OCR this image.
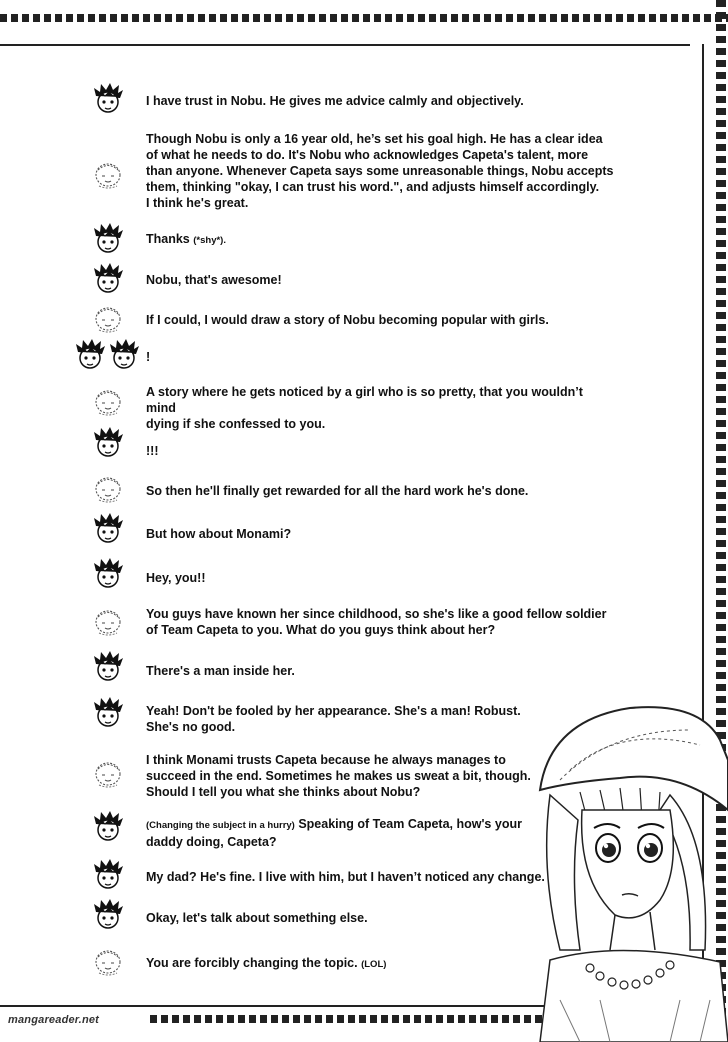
mangareader.net
I have trust in Nobu. He gives me advice calmly and objectively.
Though Nobu is only a 16 year old, he’s set his goal high. He has a clear idea
of what he needs to do. It's Nobu who acknowledges Capeta's talent, more
than anyone. Whenever Capeta says some unreasonable things, Nobu accepts
them, thinking "okay, I can trust his word.", and adjusts himself accordingly.
I think he's great.
Thanks (*shy*).
Nobu, that's awesome!
If I could, I would draw a story of Nobu becoming popular with girls.
!
A story where he gets noticed by a girl who is so pretty, that you wouldn’t mind
dying if she confessed to you.
!!!
So then he'll finally get rewarded for all the hard work he's done.
But how about Monami?
Hey, you!!
You guys have known her since childhood, so she's like a good fellow soldier
of Team Capeta to you. What do you guys think about her?
There's a man inside her.
Yeah! Don't be fooled by her appearance. She's a man! Robust.
She's no good.
I think Monami trusts Capeta because he always manages to
succeed in the end. Sometimes he makes us sweat a bit, though.
Should I tell you what she thinks about Nobu?
(Changing the subject in a hurry) Speaking of Team Capeta, how's your
daddy doing, Capeta?
My dad? He's fine. I live with him, but I haven’t noticed any change.
Okay, let's talk about something else.
You are forcibly changing the topic. (LOL)
